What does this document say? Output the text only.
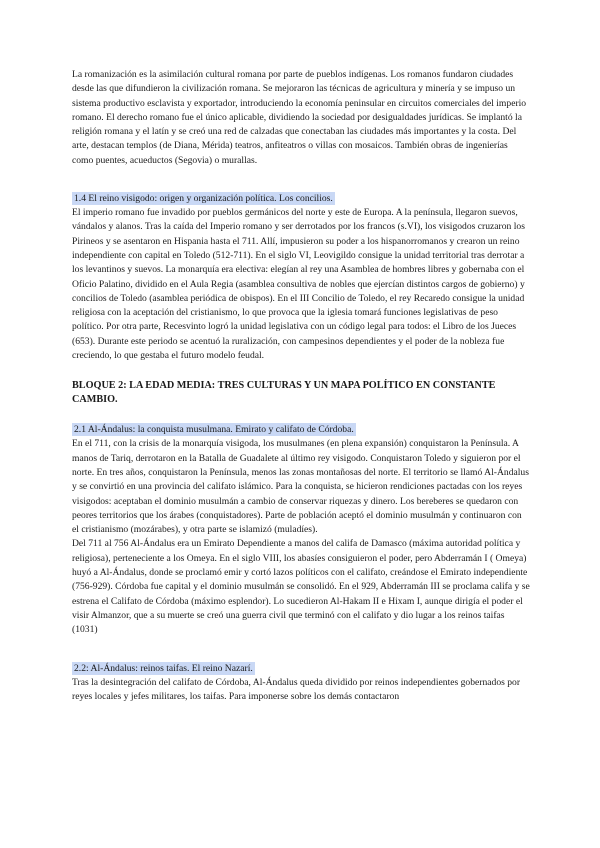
La romanización es la asimilación cultural romana por parte de pueblos indígenas. Los romanos fundaron ciudades desde las que difundieron la civilización romana. Se mejoraron las técnicas de agricultura y minería y se impuso un sistema productivo esclavista y exportador, introduciendo la economía peninsular en circuitos comerciales del imperio romano. El derecho romano fue el único aplicable, dividiendo la sociedad por desigualdades jurídicas. Se implantó la religión romana y el latín y se creó una red de calzadas que conectaban las ciudades más importantes y la costa. Del arte, destacan templos (de Diana, Mérida) teatros, anfiteatros o villas con mosaicos. También obras de ingenierías como puentes, acueductos (Segovia) o murallas.

1.4 El reino visigodo: origen y organización política. Los concilios.

El imperio romano fue invadido por pueblos germánicos del norte y este de Europa. A la península, llegaron suevos, vándalos y alanos. Tras la caída del Imperio romano y ser derrotados por los francos (s.VI), los visigodos cruzaron los Pirineos y se asentaron en Hispania hasta el 711. Allí, impusieron su poder a los hispanorromanos y crearon un reino independiente con capital en Toledo (512-711). En el siglo VI, Leovigildo consigue la unidad territorial tras derrotar a los levantinos y suevos. La monarquía era electiva: elegían al rey una Asamblea de hombres libres y gobernaba con el Oficio Palatino, dividido en el Aula Regia (asamblea consultiva de nobles que ejercían distintos cargos de gobierno) y concilios de Toledo (asamblea periódica de obispos). En el III Concilio de Toledo, el rey Recaredo consigue la unidad religiosa con la aceptación del cristianismo, lo que provoca que la iglesia tomará funciones legislativas de peso político. Por otra parte, Recesvinto logró la unidad legislativa con un código legal para todos: el Libro de los Jueces (653). Durante este periodo se acentuó la ruralización, con campesinos dependientes y el poder de la nobleza fue creciendo, lo que gestaba el futuro modelo feudal.

BLOQUE 2: LA EDAD MEDIA: TRES CULTURAS Y UN MAPA POLÍTICO EN CONSTANTE CAMBIO.

2.1 Al-Ándalus: la conquista musulmana. Emirato y califato de Córdoba.

En el 711, con la crisis de la monarquía visigoda, los musulmanes (en plena expansión) conquistaron la Península. A manos de Tariq, derrotaron en la Batalla de Guadalete al último rey visigodo. Conquistaron Toledo y siguieron por el norte. En tres años, conquistaron la Península, menos las zonas montañosas del norte. El territorio se llamó Al-Ándalus y se convirtió en una provincia del califato islámico. Para la conquista, se hicieron rendiciones pactadas con los reyes visigodos: aceptaban el dominio musulmán a cambio de conservar riquezas y dinero. Los bereberes se quedaron con peores territorios que los árabes (conquistadores). Parte de población aceptó el dominio musulmán y continuaron con el cristianismo (mozárabes), y otra parte se islamizó (muladíes).

Del 711 al 756 Al-Ándalus era un Emirato Dependiente a manos del califa de Damasco (máxima autoridad política y religiosa), perteneciente a los Omeya. En el siglo VIII, los abasíes consiguieron el poder, pero Abderramán I ( Omeya) huyó a Al-Ándalus, donde se proclamó emir y cortó lazos políticos con el califato, creándose el Emirato independiente (756-929). Córdoba fue capital y el dominio musulmán se consolidó. En el 929, Abderramán III se proclama califa y se estrena el Califato de Córdoba (máximo esplendor). Lo sucedieron Al-Hakam II e Hixam I, aunque dirigía el poder el visir Almanzor, que a su muerte se creó una guerra civil que terminó con el califato y dio lugar a los reinos taifas (1031)

2.2: Al-Ándalus: reinos taifas. El reino Nazarí.

Tras la desintegración del califato de Córdoba, Al-Ándalus queda dividido por reinos independientes gobernados por reyes locales y jefes militares, los taifas. Para imponerse sobre los demás contactaron
